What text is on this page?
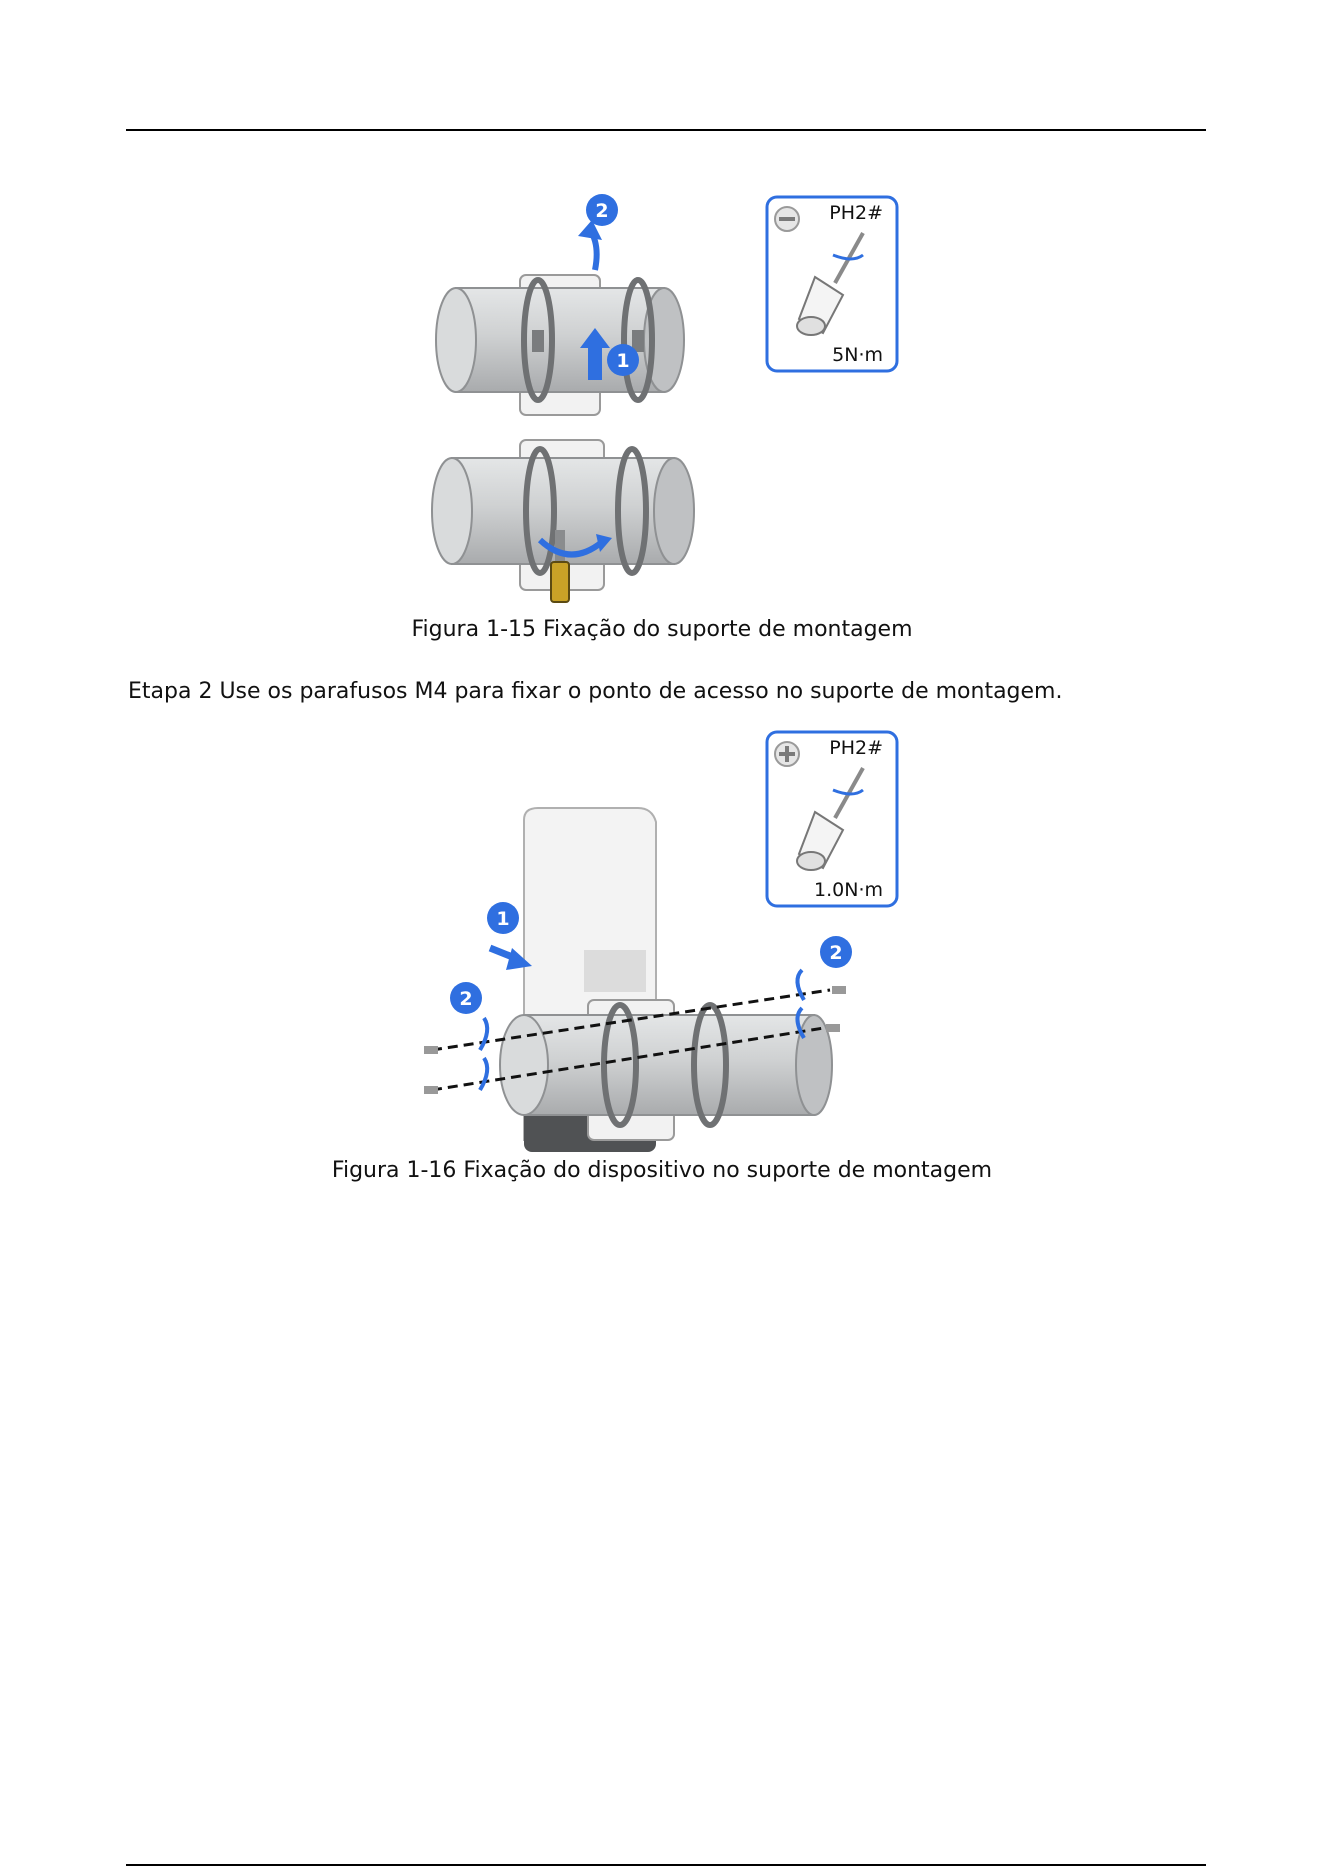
1
2	PH2#
5N·m
Figura 1-15 Fixação do suporte de montagem
Etapa 2 Use os parafusos M4 para fixar o ponto de acesso no suporte de montagem.
1
2
2
PH2#
1.0N·m
Figura 1-16 Fixação do dispositivo no suporte de montagem
